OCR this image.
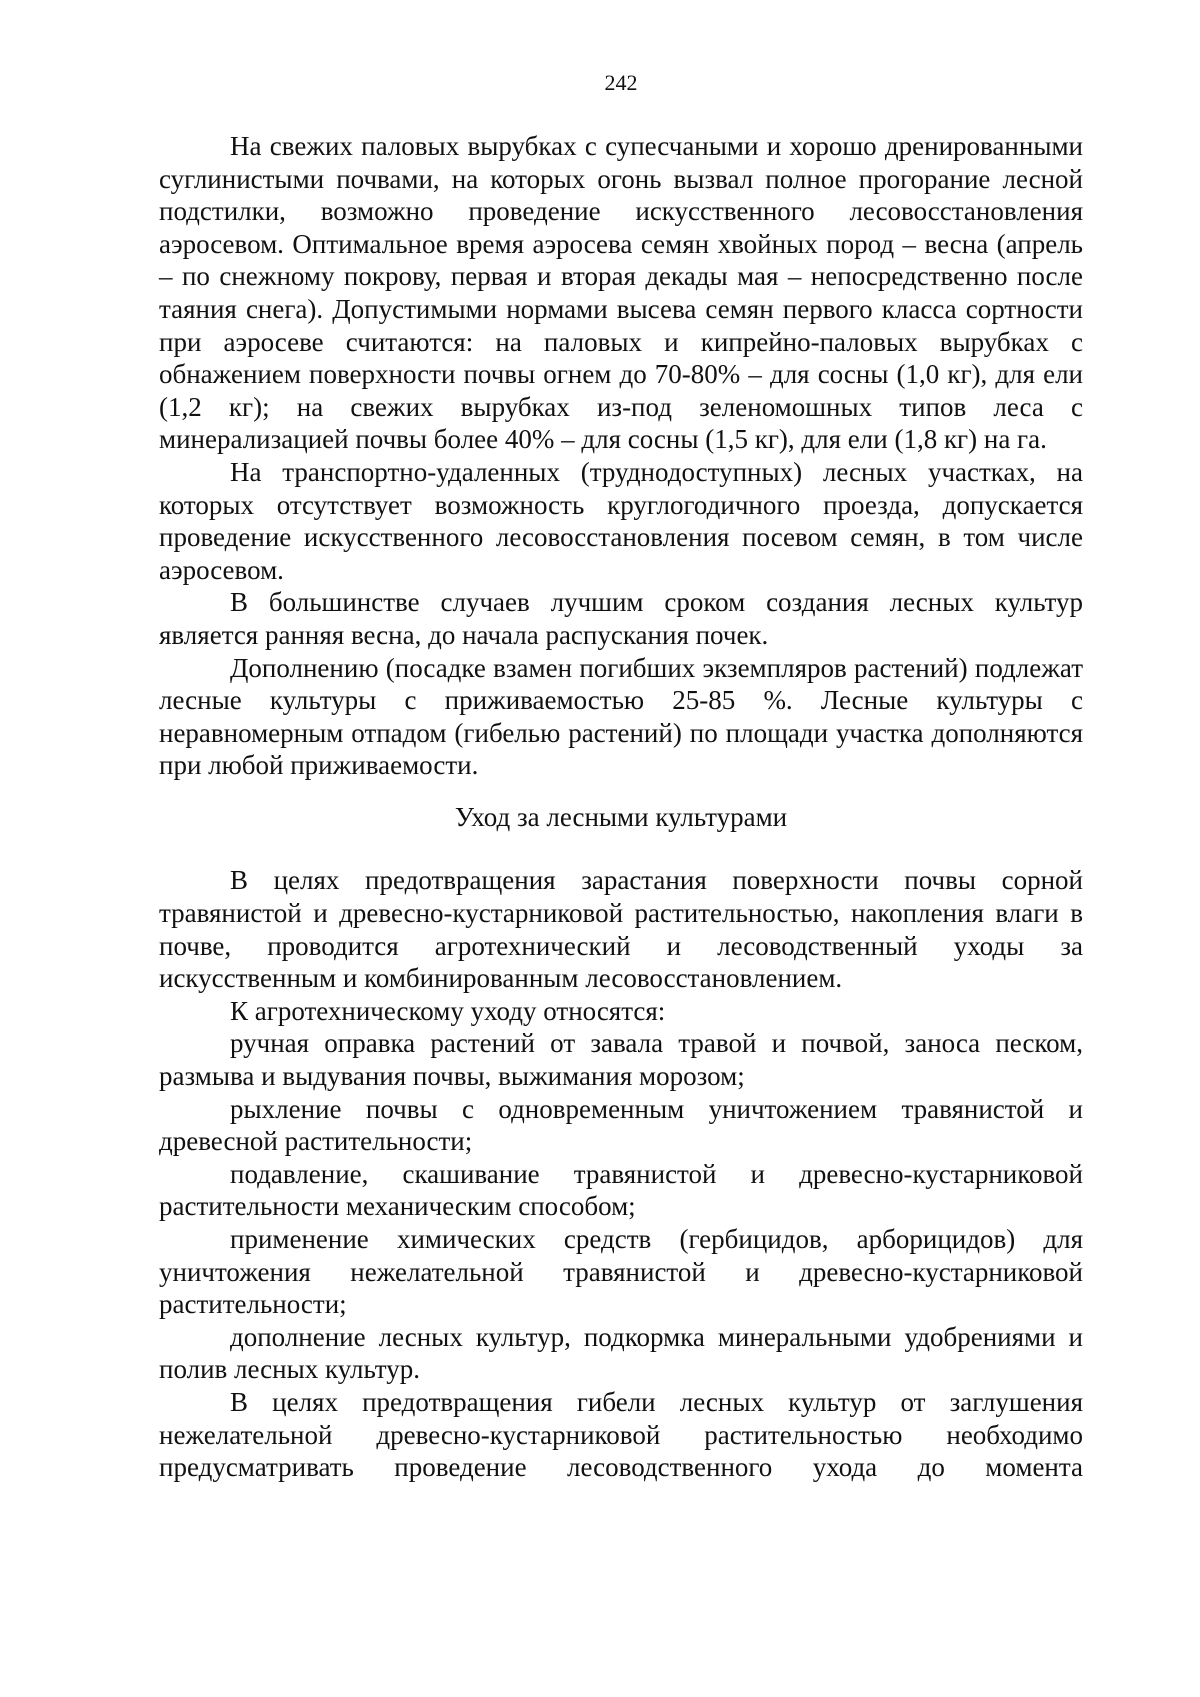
242

На свежих паловых вырубках с супесчаными и хорошо дренированными суглинистыми почвами, на которых огонь вызвал полное прогорание лесной подстилки, возможно проведение искусственного лесовосстановления аэросевом. Оптимальное время аэросева семян хвойных пород – весна (апрель – по снежному покрову, первая и вторая декады мая – непосредственно после таяния снега). Допустимыми нормами высева семян первого класса сортности при аэросеве считаются: на паловых и кипрейно-паловых вырубках с обнажением поверхности почвы огнем до 70-80% – для сосны (1,0 кг), для ели (1,2 кг); на свежих вырубках из-под зеленомошных типов леса с минерализацией почвы более 40% – для сосны (1,5 кг), для ели (1,8 кг) на га.

На транспортно-удаленных (труднодоступных) лесных участках, на которых отсутствует возможность круглогодичного проезда, допускается проведение искусственного лесовосстановления посевом семян, в том числе аэросевом.

В большинстве случаев лучшим сроком создания лесных культур является ранняя весна, до начала распускания почек.

Дополнению (посадке взамен погибших экземпляров растений) подлежат лесные культуры с приживаемостью 25-85 %. Лесные культуры с неравномерным отпадом (гибелью растений) по площади участка дополняются при любой приживаемости.

Уход за лесными культурами

В целях предотвращения зарастания поверхности почвы сорной травянистой и древесно-кустарниковой растительностью, накопления влаги в почве, проводится агротехнический и лесоводственный уходы за искусственным и комбинированным лесовосстановлением.

К агротехническому уходу относятся:

ручная оправка растений от завала травой и почвой, заноса песком, размыва и выдувания почвы, выжимания морозом;

рыхление почвы с одновременным уничтожением травянистой и древесной растительности;

подавление, скашивание травянистой и древесно-кустарниковой растительности механическим способом;

применение химических средств (гербицидов, арборицидов) для уничтожения нежелательной травянистой и древесно-кустарниковой растительности;

дополнение лесных культур, подкормка минеральными удобрениями и полив лесных культур.

В целях предотвращения гибели лесных культур от заглушения нежелательной древесно-кустарниковой растительностью необходимо предусматривать проведение лесоводственного ухода до момента
